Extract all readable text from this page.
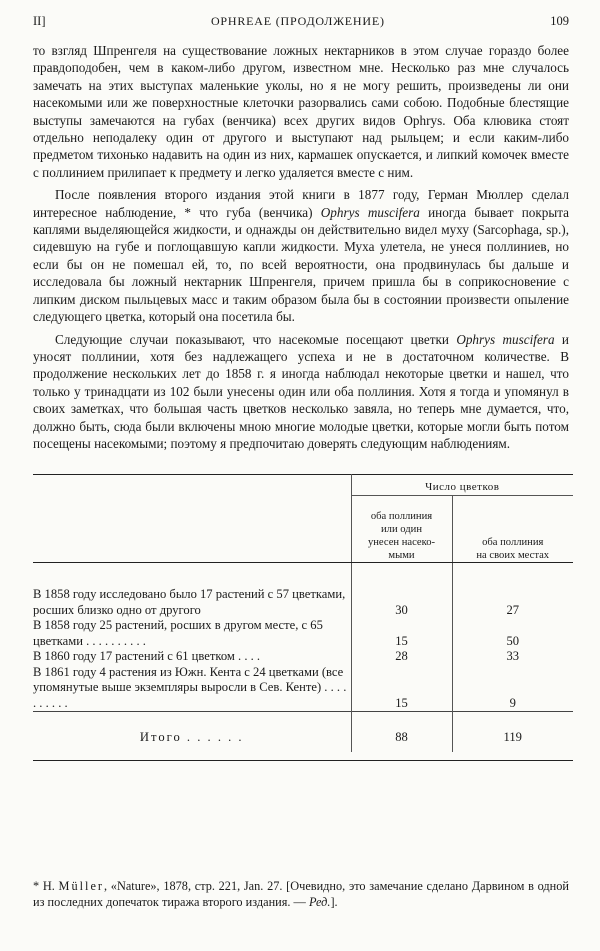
II]	OPHREAE (ПРОДОЛЖЕНИЕ)	109

то взгляд Шпренгеля на существование ложных нектарников в этом случае гораздо более правдоподобен, чем в каком-либо другом, известном мне. Несколько раз мне случалось замечать на этих выступах маленькие уколы, но я не могу решить, произведены ли они насекомыми или же поверхностные клеточки разорвались сами собою. Подобные блестящие выступы замечаются на губах (венчика) всех других видов Ophrys. Оба клювика стоят отдельно неподалеку один от другого и выступают над рыльцем; и если каким-либо предметом тихонько надавить на один из них, кармашек опускается, и липкий комочек вместе с поллинием прилипает к предмету и легко удаляется вместе с ним.

После появления второго издания этой книги в 1877 году, Герман Мюллер сделал интересное наблюдение, * что губа (венчика) Ophrys muscifera иногда бывает покрыта каплями выделяющейся жидкости, и однажды он действительно видел муху (Sarcophaga, sp.), сидевшую на губе и поглощавшую капли жидкости. Муха улетела, не унеся поллиниев, но если бы он не помешал ей, то, по всей вероятности, она продвинулась бы дальше и исследовала бы ложный нектарник Шпренгеля, причем пришла бы в соприкосновение с липким диском пыльцевых масс и таким образом была бы в состоянии произвести опыление следующего цветка, который она посетила бы.

Следующие случаи показывают, что насекомые посещают цветки Ophrys muscifera и уносят поллинии, хотя без надлежащего успеха и не в достаточном количестве. В продолжение нескольких лет до 1858 г. я иногда наблюдал некоторые цветки и нашел, что только у тринадцати из 102 были унесены один или оба поллиния. Хотя я тогда и упомянул в своих заметках, что большая часть цветков несколько завяла, но теперь мне думается, что, должно быть, сюда были включены мною многие молодые цветки, которые могли быть потом посещены насекомыми; поэтому я предпочитаю доверять следующим наблюдениям.

	Число цветков	

	оба поллиния
или один
унесен насеко-
мыми	оба поллиния
на своих местах

В 1858 году исследовано было 17 растений с 57 цветками, росших близко одно от другого	30	27
В 1858 году 25 растений, росших в другом месте, с 65 цветками . . . . . . . . . .	15	50
В 1860 году 17 растений с 61 цветком . . . .	28	33
В 1861 году 4 растения из Южн. Кента с 24 цветками (все упомянутые выше экземпляры выросли в Сев. Кенте) . . . . . . . . . .	15	9
Итого . . . . . .	88	119

* Н. Müller, «Nature», 1878, стр. 221, Jan. 27. [Очевидно, это замечание сделано Дарвином в одной из последних допечаток тиража второго издания. — Ред.].
